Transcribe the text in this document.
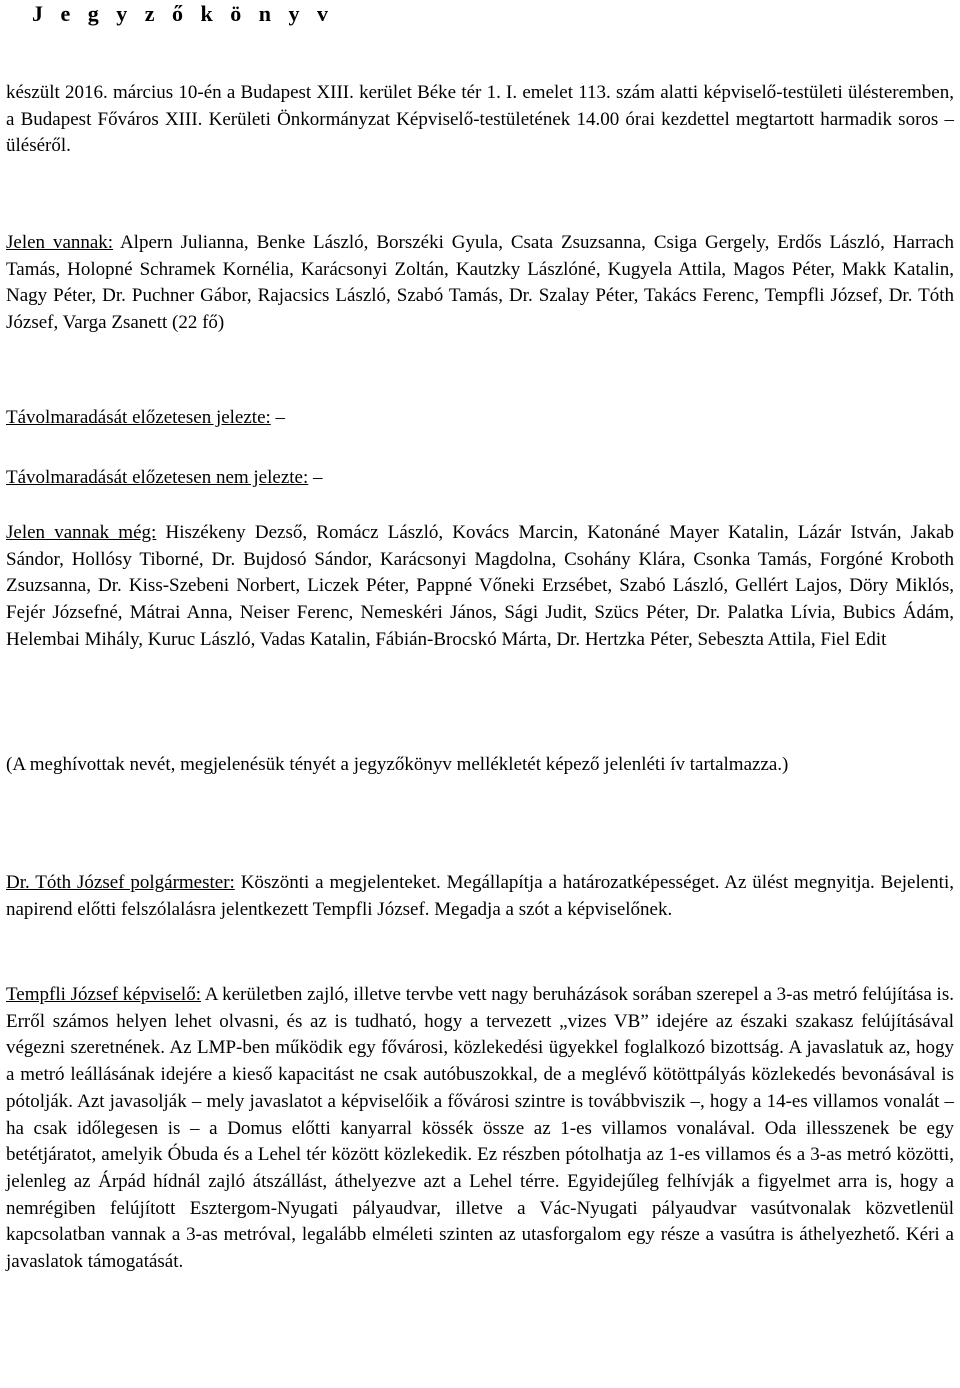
J e g y z ő k ö n y v

készült 2016. március 10-én a Budapest XIII. kerület Béke tér 1. I. emelet 113. szám alatti képviselő-testületi ülésteremben, a Budapest Főváros XIII. Kerületi Önkormányzat Képviselő-testületének 14.00 órai kezdettel megtartott harmadik soros – üléséről.

Jelen vannak: Alpern Julianna, Benke László, Borszéki Gyula, Csata Zsuzsanna, Csiga Gergely, Erdős László, Harrach Tamás, Holopné Schramek Kornélia, Karácsonyi Zoltán, Kautzky Lászlóné, Kugyela Attila, Magos Péter, Makk Katalin, Nagy Péter, Dr. Puchner Gábor, Rajacsics László, Szabó Tamás, Dr. Szalay Péter, Takács Ferenc, Tempfli József, Dr. Tóth József, Varga Zsanett (22 fő)

Távolmaradását előzetesen jelezte: –

Távolmaradását előzetesen nem jelezte: –

Jelen vannak még: Hiszékeny Dezső, Romácz László, Kovács Marcin, Katonáné Mayer Katalin, Lázár István, Jakab Sándor, Hollósy Tiborné, Dr. Bujdosó Sándor, Karácsonyi Magdolna, Csohány Klára, Csonka Tamás, Forgóné Kroboth Zsuzsanna, Dr. Kiss-Szebeni Norbert, Liczek Péter, Pappné Vőneki Erzsébet, Szabó László, Gellért Lajos, Döry Miklós, Fejér Józsefné, Mátrai Anna, Neiser Ferenc, Nemeskéri János, Sági Judit, Szücs Péter, Dr. Palatka Lívia, Bubics Ádám, Helembai Mihály, Kuruc László, Vadas Katalin, Fábián-Brocskó Márta, Dr. Hertzka Péter, Sebeszta Attila, Fiel Edit

(A meghívottak nevét, megjelenésük tényét a jegyzőkönyv mellékletét képező jelenléti ív tartalmazza.)

Dr. Tóth József polgármester: Köszönti a megjelenteket. Megállapítja a határozatképességet. Az ülést megnyitja. Bejelenti, napirend előtti felszólalásra jelentkezett Tempfli József. Megadja a szót a képviselőnek.

Tempfli József képviselő: A kerületben zajló, illetve tervbe vett nagy beruházások sorában szerepel a 3-as metró felújítása is. Erről számos helyen lehet olvasni, és az is tudható, hogy a tervezett „vizes VB” idejére az északi szakasz felújításával végezni szeretnének. Az LMP-ben működik egy fővárosi, közlekedési ügyekkel foglalkozó bizottság. A javaslatuk az, hogy a metró leállásának idejére a kieső kapacitást ne csak autóbuszokkal, de a meglévő kötöttpályás közlekedés bevonásával is pótolják. Azt javasolják – mely javaslatot a képviselőik a fővárosi szintre is továbbviszik –, hogy a 14-es villamos vonalát – ha csak időlegesen is – a Domus előtti kanyarral kössék össze az 1-es villamos vonalával. Oda illesszenek be egy betétjáratot, amelyik Óbuda és a Lehel tér között közlekedik. Ez részben pótolhatja az 1-es villamos és a 3-as metró közötti, jelenleg az Árpád hídnál zajló átszállást, áthelyezve azt a Lehel térre. Egyidejűleg felhívják a figyelmet arra is, hogy a nemrégiben felújított Esztergom-Nyugati pályaudvar, illetve a Vác-Nyugati pályaudvar vasútvonalak közvetlenül kapcsolatban vannak a 3-as metróval, legalább elméleti szinten az utasforgalom egy része a vasútra is áthelyezhető. Kéri a javaslatok támogatását.
